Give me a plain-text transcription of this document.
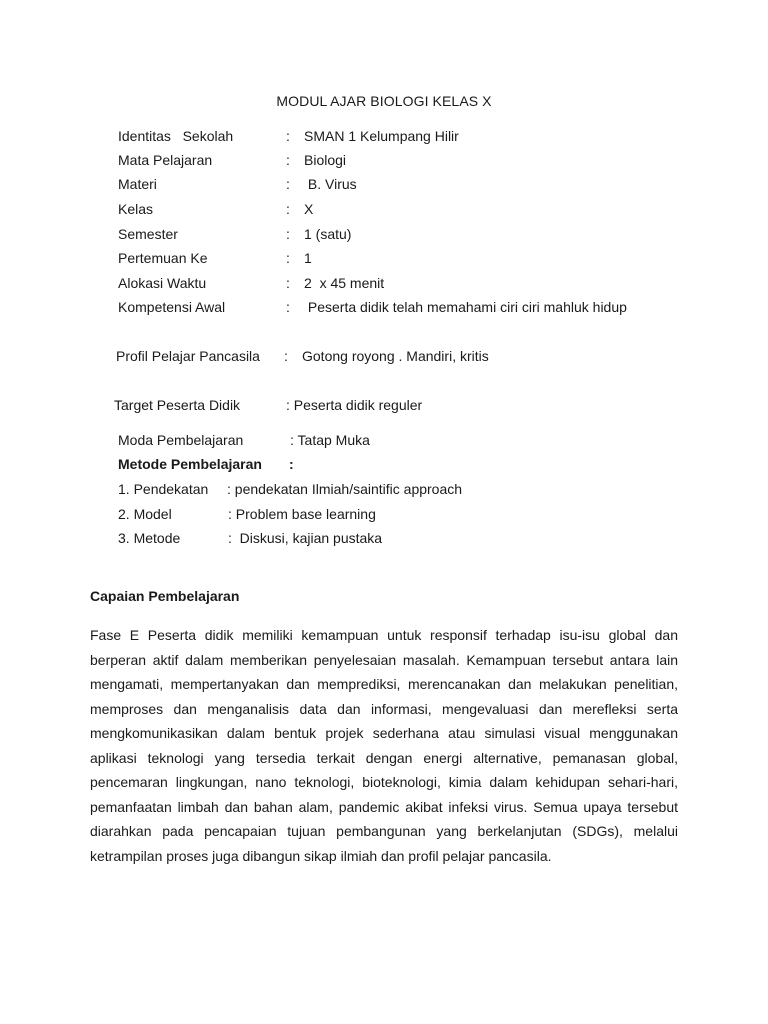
MODUL AJAR BIOLOGI KELAS X
Identitas   Sekolah	: SMAN 1 Kelumpang Hilir
Mata Pelajaran	: Biologi
Materi	: B. Virus
Kelas	: X
Semester	: 1 (satu)
Pertemuan Ke	: 1
Alokasi Waktu	: 2  x 45 menit
Kompetensi Awal	: Peserta didik telah memahami ciri ciri mahluk hidup
Profil Pelajar Pancasila : Gotong royong . Mandiri, kritis
Target Peserta Didik	: Peserta didik reguler
Moda Pembelajaran	: Tatap Muka
Metode Pembelajaran :
1. Pendekatan : pendekatan Ilmiah/saintific approach
2. Model	: Problem base learning
3. Metode	:  Diskusi, kajian pustaka
Capaian Pembelajaran

Fase E Peserta didik memiliki kemampuan untuk responsif terhadap isu-isu global dan berperan aktif dalam memberikan penyelesaian masalah. Kemampuan tersebut antara lain mengamati, mempertanyakan dan memprediksi, merencanakan dan melakukan penelitian, memproses dan menganalisis data dan informasi, mengevaluasi dan merefleksi serta mengkomunikasikan dalam bentuk projek sederhana atau simulasi visual menggunakan aplikasi teknologi yang tersedia terkait dengan energi alternative, pemanasan global, pencemaran lingkungan, nano teknologi, bioteknologi, kimia dalam kehidupan sehari-hari, pemanfaatan limbah dan bahan alam, pandemic akibat infeksi virus. Semua upaya tersebut diarahkan pada pencapaian tujuan pembangunan yang berkelanjutan (SDGs), melalui ketrampilan proses juga dibangun sikap ilmiah dan profil pelajar pancasila.
